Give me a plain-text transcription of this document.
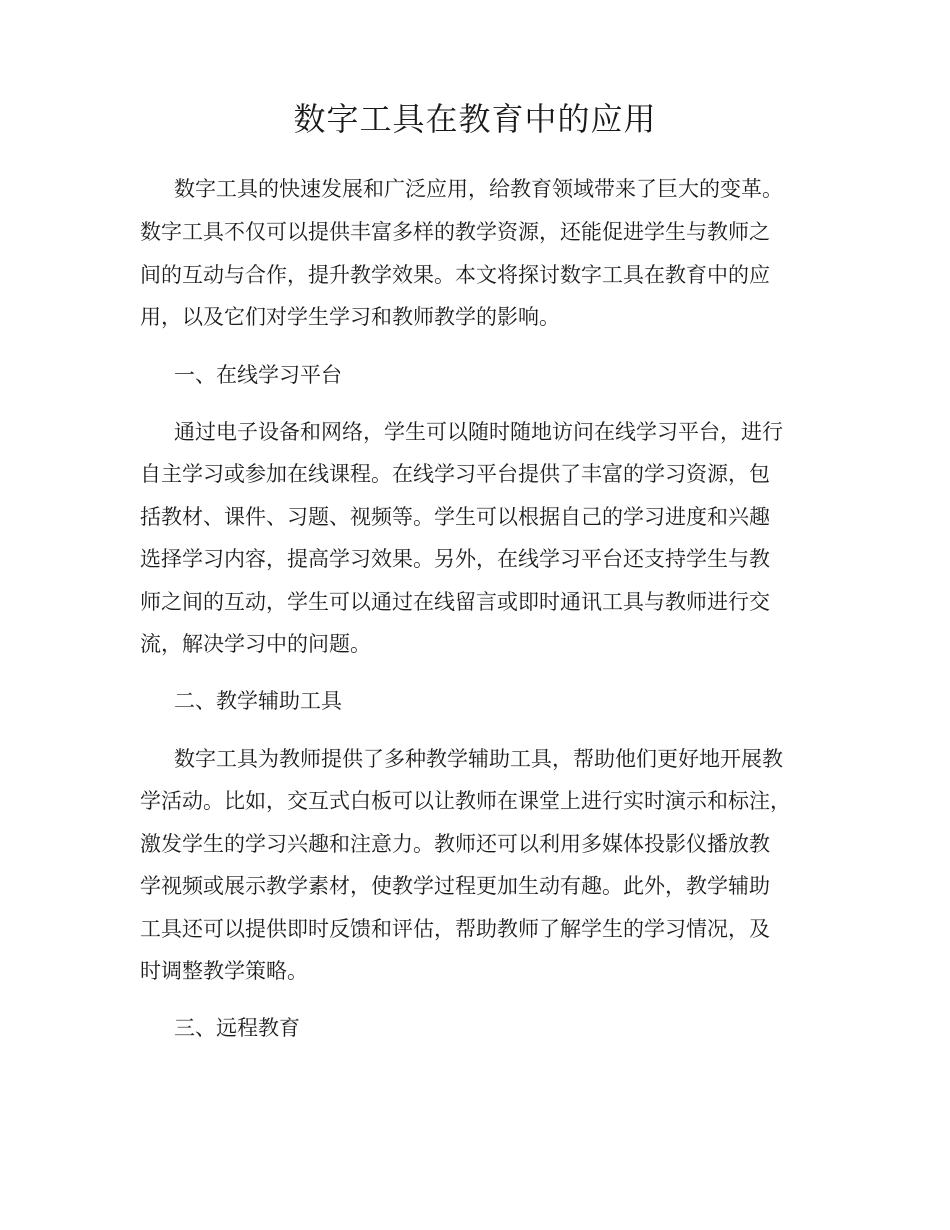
数字工具在教育中的应用

数字工具的快速发展和广泛应用，给教育领域带来了巨大的变革。

数字工具不仅可以提供丰富多样的教学资源，还能促进学生与教师之

间的互动与合作，提升教学效果。本文将探讨数字工具在教育中的应

用，以及它们对学生学习和教师教学的影响。

一、在线学习平台

通过电子设备和网络，学生可以随时随地访问在线学习平台，进行

自主学习或参加在线课程。在线学习平台提供了丰富的学习资源，包

括教材、课件、习题、视频等。学生可以根据自己的学习进度和兴趣

选择学习内容，提高学习效果。另外，在线学习平台还支持学生与教

师之间的互动，学生可以通过在线留言或即时通讯工具与教师进行交

流，解决学习中的问题。

二、教学辅助工具

数字工具为教师提供了多种教学辅助工具，帮助他们更好地开展教

学活动。比如，交互式白板可以让教师在课堂上进行实时演示和标注，

激发学生的学习兴趣和注意力。教师还可以利用多媒体投影仪播放教

学视频或展示教学素材，使教学过程更加生动有趣。此外，教学辅助

工具还可以提供即时反馈和评估，帮助教师了解学生的学习情况，及

时调整教学策略。

三、远程教育
